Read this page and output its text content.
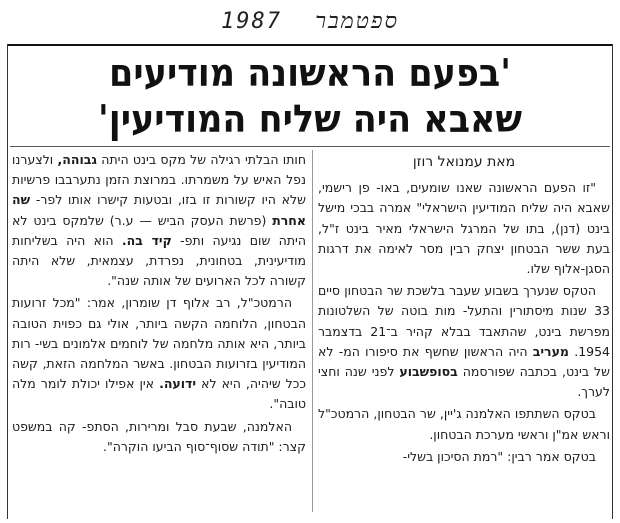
1987 ספטמבר
'בפעם הראשונה מודיעים
שאבא היה שליח המודיעין'
מאת עמנואל רוזן

"זו הפעם הראשונה שאנו שומעים, באו- פן רישמי, שאבא היה שליח המודיעין הישראלי" אמרה בבכי מישל בינט (דנן), בתו של המרגל הישראלי מאיר בינט ז"ל, בעת ששר הבטחון יצחק רבין מסר לאימה את דרגות הסגן-אלוף שלו.

הטקס שנערך בשבוע שעבר בלשכת שר הבטחון סיים 33 שנות מיסתורין והתעל- מות בוטה של השלטונות מפרשת בינט, שהתאבד בבלא קהיר ב־21 בדצמבר 1954. מעריב היה הראשון שחשף את סיפורו המ- לא של בינט, בכתבה שפורסמה בסופשבוע לפני שנה וחצי לערך.

בטקס השתתפו האלמנה ג'יין, שר הבטחון, הרמטכ"ל וראש אמ"ן וראשי מערכת הבטחון.

בטקס אמר רבין: "רמת הסיכון בשלי-

חותו הבלתי רגילה של מקס בינט היתה גבוהה, ולצערנו נפל האיש על משמרתו. במרוצת הזמן נתערבבו פרשיות שלא היו קשורות זו בזו, ובטעות קישרו אותו לפר- שה אחרת (פרשת העסק הביש — ע.ר) שלמקס בינט לא היתה שום נגיעה ותפ- קיד בה. הוא היה בשליחות מודיעינית, בטחונית, נפרדת, עצמאית, שלא היתה קשורה לכל הארועים של אותה שנה".

הרמטכ"ל, רב אלוף דן שומרון, אמר: "מכל זרועות הבטחון, הלוחמה הקשה ביותר, אולי גם כפוית הטובה ביותר, היא אותה מלחמה של לוחמים אלמונים בשי- רות המודיעין בזרועות הבטחון. באשר המלחמה הזאת, קשה ככל שיהיה, היא לא ידועה. אין אפילו יכולת לומר מלה טובה".

האלמנה, שבעת סבל ומרירות, הסתפ- קה במשפט קצר: "תודה שסוף־סוף הביעו הוקרה".
